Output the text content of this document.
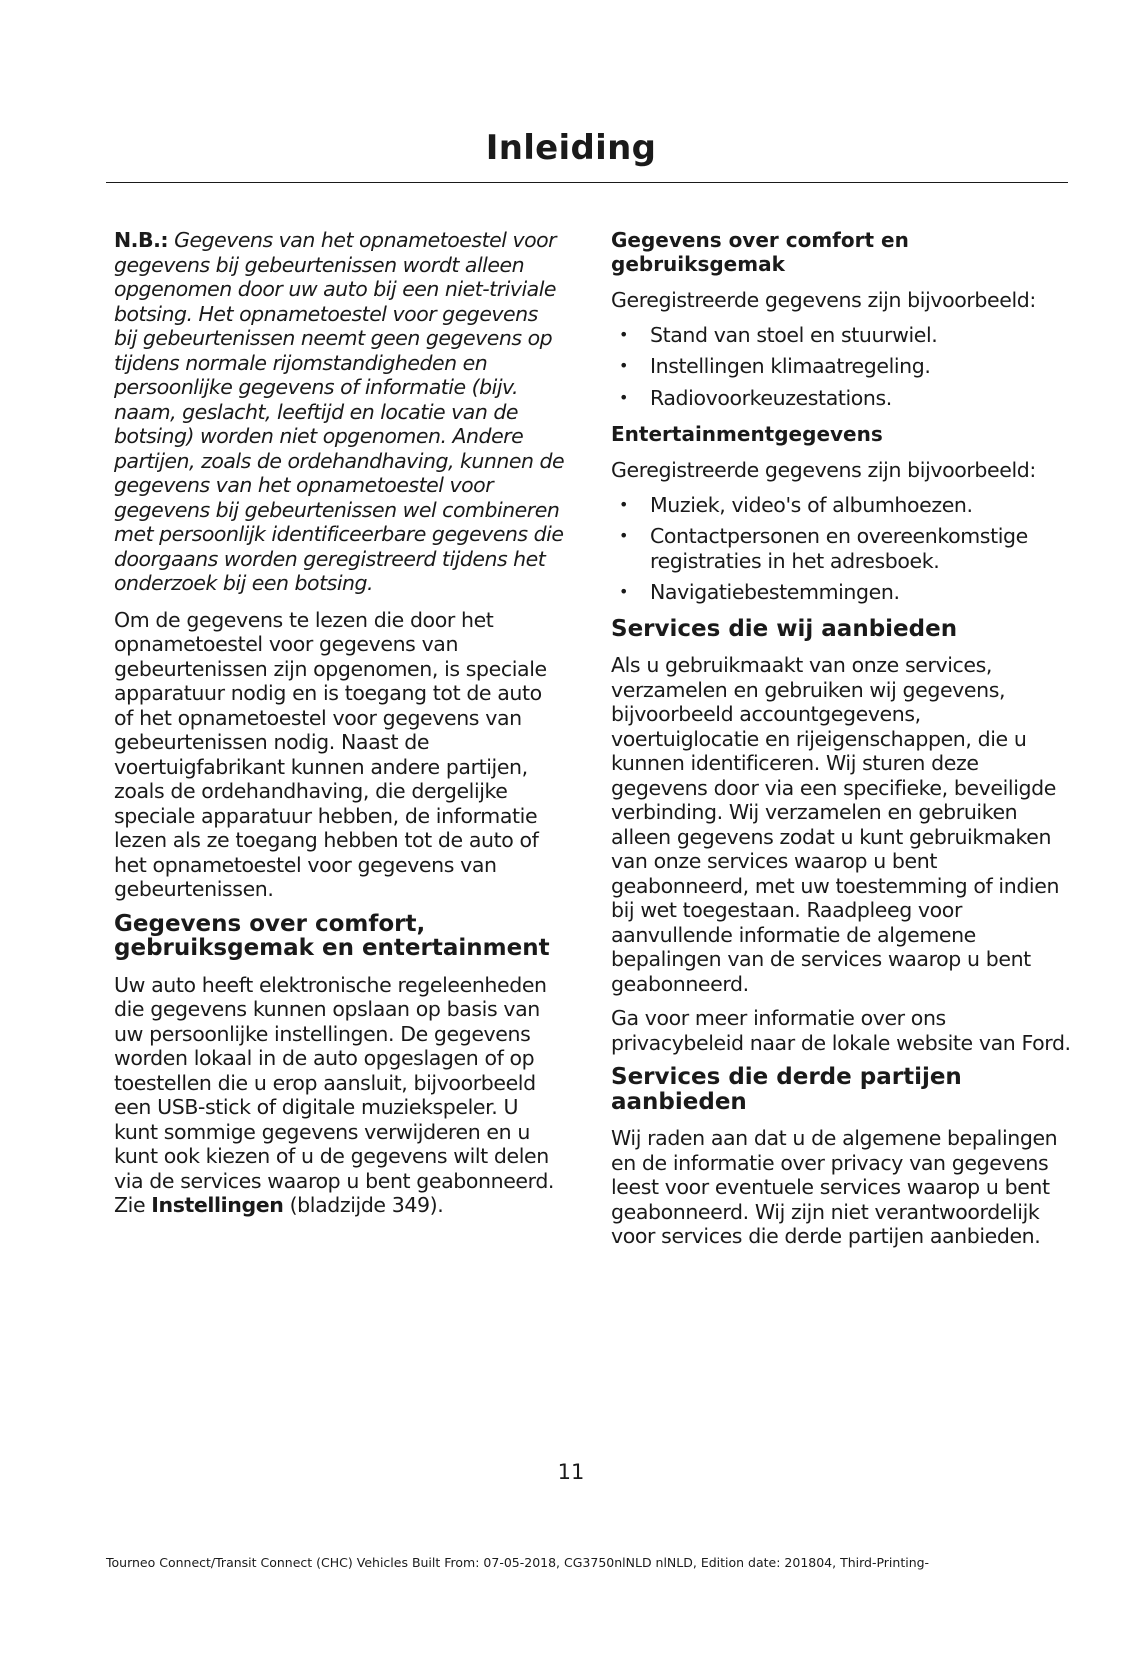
Inleiding

N.B.: Gegevens van het opnametoestel voor gegevens bij gebeurtenissen wordt alleen opgenomen door uw auto bij een niet-triviale botsing. Het opnametoestel voor gegevens bij gebeurtenissen neemt geen gegevens op tijdens normale rijomstandigheden en persoonlijke gegevens of informatie (bijv. naam, geslacht, leeftijd en locatie van de botsing) worden niet opgenomen. Andere partijen, zoals de ordehandhaving, kunnen de gegevens van het opnametoestel voor gegevens bij gebeurtenissen wel combineren met persoonlijk identificeerbare gegevens die doorgaans worden geregistreerd tijdens het onderzoek bij een botsing.

Om de gegevens te lezen die door het opnametoestel voor gegevens van gebeurtenissen zijn opgenomen, is speciale apparatuur nodig en is toegang tot de auto of het opnametoestel voor gegevens van gebeurtenissen nodig. Naast de voertuigfabrikant kunnen andere partijen, zoals de ordehandhaving, die dergelijke speciale apparatuur hebben, de informatie lezen als ze toegang hebben tot de auto of het opnametoestel voor gegevens van gebeurtenissen.

Gegevens over comfort, gebruiksgemak en entertainment

Uw auto heeft elektronische regeleenheden die gegevens kunnen opslaan op basis van uw persoonlijke instellingen. De gegevens worden lokaal in de auto opgeslagen of op toestellen die u erop aansluit, bijvoorbeeld een USB-stick of digitale muziekspeler. U kunt sommige gegevens verwijderen en u kunt ook kiezen of u de gegevens wilt delen via de services waarop u bent geabonneerd. Zie Instellingen (bladzijde 349).

Gegevens over comfort en gebruiksgemak

Geregistreerde gegevens zijn bijvoorbeeld:

• Stand van stoel en stuurwiel.
• Instellingen klimaatregeling.
• Radiovoorkeuzestations.
Entertainmentgegevens

Geregistreerde gegevens zijn bijvoorbeeld:

• Muziek, video's of albumhoezen.
• Contactpersonen en overeenkomstige registraties in het adresboek.
• Navigatiebestemmingen.
Services die wij aanbieden

Als u gebruikmaakt van onze services, verzamelen en gebruiken wij gegevens, bijvoorbeeld accountgegevens, voertuiglocatie en rijeigenschappen, die u kunnen identificeren. Wij sturen deze gegevens door via een specifieke, beveiligde verbinding. Wij verzamelen en gebruiken alleen gegevens zodat u kunt gebruikmaken van onze services waarop u bent geabonneerd, met uw toestemming of indien bij wet toegestaan. Raadpleeg voor aanvullende informatie de algemene bepalingen van de services waarop u bent geabonneerd.

Ga voor meer informatie over ons privacybeleid naar de lokale website van Ford.

Services die derde partijen aanbieden

Wij raden aan dat u de algemene bepalingen en de informatie over privacy van gegevens leest voor eventuele services waarop u bent geabonneerd. Wij zijn niet verantwoordelijk voor services die derde partijen aanbieden.

11
Tourneo Connect/Transit Connect (CHC) Vehicles Built From: 07-05-2018, CG3750nlNLD nlNLD, Edition date: 201804, Third-Printing-
